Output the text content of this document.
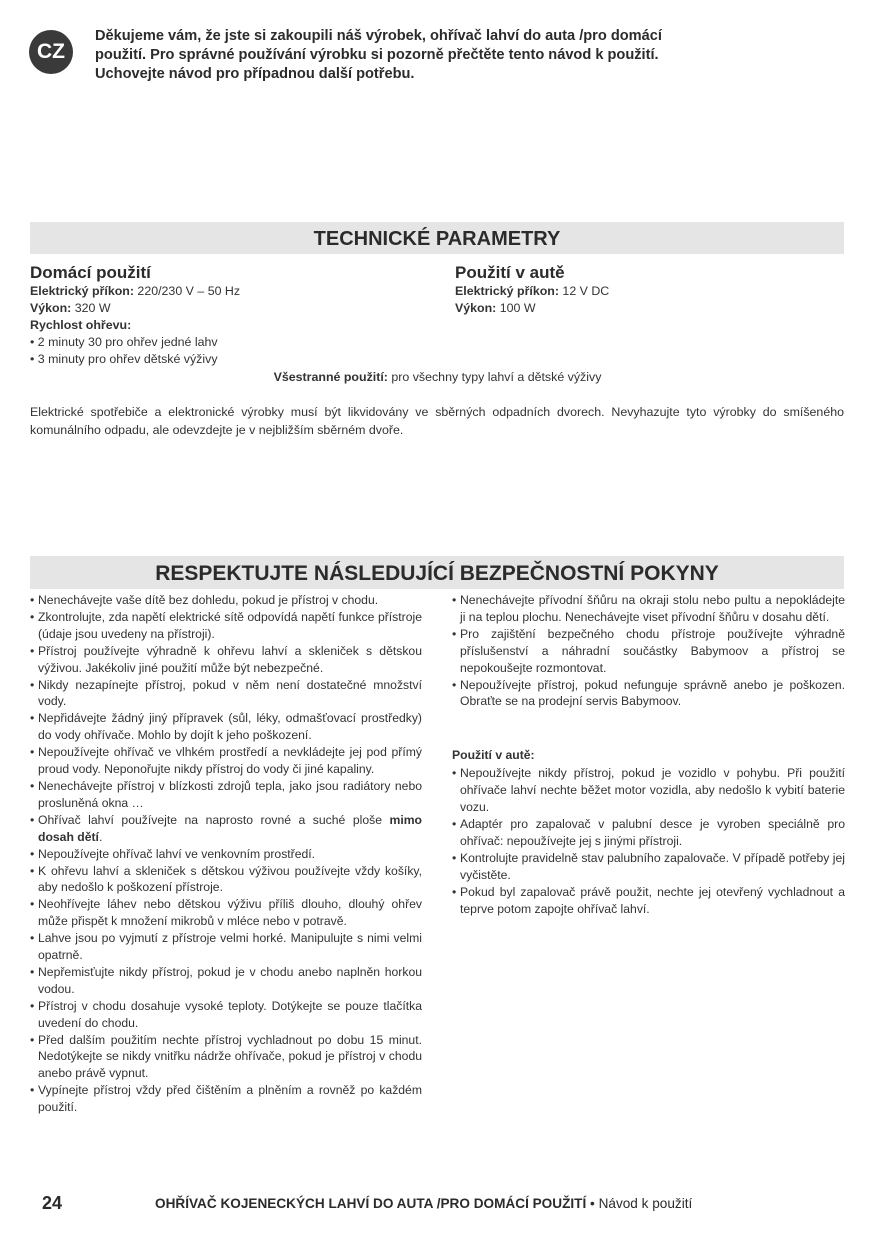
CZ
Děkujeme vám, že jste si zakoupili náš výrobek, ohřívač lahví do auta /pro domácí
použití. Pro správné používání výrobku si pozorně přečtěte tento návod k použití.
Uchovejte návod pro případnou další potřebu.
TECHNICKÉ PARAMETRY
Domácí použití
Elektrický příkon: 220/230 V – 50 Hz
Výkon: 320 W
Rychlost ohřevu:
• 2 minuty 30 pro ohřev jedné lahv
• 3 minuty pro ohřev dětské výživy
Použití v autě
Elektrický příkon: 12 V DC
Výkon: 100 W
Všestranné použití: pro všechny typy lahví a dětské výživy
Elektrické spotřebiče a elektronické výrobky musí být likvidovány ve sběrných odpadních dvorech. Nevyhazujte tyto výrobky do smíšeného komunálního odpadu, ale odevzdejte je v nejbližším sběrném dvoře.
RESPEKTUJTE NÁSLEDUJÍCÍ BEZPEČNOSTNÍ POKYNY
• Nenechávejte vaše dítě bez dohledu, pokud je přístroj v chodu.
• Zkontrolujte, zda napětí elektrické sítě odpovídá napětí funkce přístroje (údaje jsou uvedeny na přístroji).
• Přístroj používejte výhradně k ohřevu lahví a skleniček s dětskou výživou. Jakékoliv jiné použití může být nebezpečné.
• Nikdy nezapínejte přístroj, pokud v něm není dostatečné množství vody.
• Nepřidávejte žádný jiný přípravek (sůl, léky, odmašťovací prostředky) do vody ohřívače. Mohlo by dojít k jeho poškození.
• Nepoužívejte ohřívač ve vlhkém prostředí a nevkládejte jej pod přímý proud vody. Neponořujte nikdy přístroj do vody či jiné kapaliny.
• Nenechávejte přístroj v blízkosti zdrojů tepla, jako jsou radiátory nebo prosluněná okna …
• Ohřívač lahví používejte na naprosto rovné a suché ploše mimo dosah dětí.
• Nepoužívejte ohřívač lahví ve venkovním prostředí.
• K ohřevu lahví a skleniček s dětskou výživou používejte vždy košíky, aby nedošlo k poškození přístroje.
• Neohřívejte láhev nebo dětskou výživu příliš dlouho, dlouhý ohřev může přispět k množení mikrobů v mléce nebo v potravě.
• Lahve jsou po vyjmutí z přístroje velmi horké. Manipulujte s nimi velmi opatrně.
• Nepřemisťujte nikdy přístroj, pokud je v chodu anebo naplněn horkou vodou.
• Přístroj v chodu dosahuje vysoké teploty. Dotýkejte se pouze tlačítka uvedení do chodu.
• Před dalším použitím nechte přístroj vychladnout po dobu 15 minut. Nedotýkejte se nikdy vnitřku nádrže ohřívače, pokud je přístroj v chodu anebo právě vypnut.
• Vypínejte přístroj vždy před čištěním a plněním a rovněž po každém použití.
• Nenechávejte přívodní šňůru na okraji stolu nebo pultu a nepokládejte ji na teplou plochu. Nenechávejte viset přívodní šňůru v dosahu dětí.
• Pro zajištění bezpečného chodu přístroje používejte výhradně příslušenství a náhradní součástky Babymoov a přístroj se nepokoušejte rozmontovat.
• Nepoužívejte přístroj, pokud nefunguje správně anebo je poškozen. Obraťte se na prodejní servis Babymoov.
Použití v autě:
• Nepoužívejte nikdy přístroj, pokud je vozidlo v pohybu. Při použití ohřívače lahví nechte běžet motor vozidla, aby nedošlo k vybití baterie vozu.
• Adaptér pro zapalovač v palubní desce je vyroben speciálně pro ohřívač: nepoužívejte jej s jinými přístroji.
• Kontrolujte pravidelně stav palubního zapalovače. V případě potřeby jej vyčistěte.
• Pokud byl zapalovač právě použit, nechte jej otevřený vychladnout a teprve potom zapojte ohřívač lahví.
24	OHŘÍVAČ KOJENECKÝCH LAHVÍ DO AUTA /PRO DOMÁCÍ POUŽITÍ • Návod k použití
